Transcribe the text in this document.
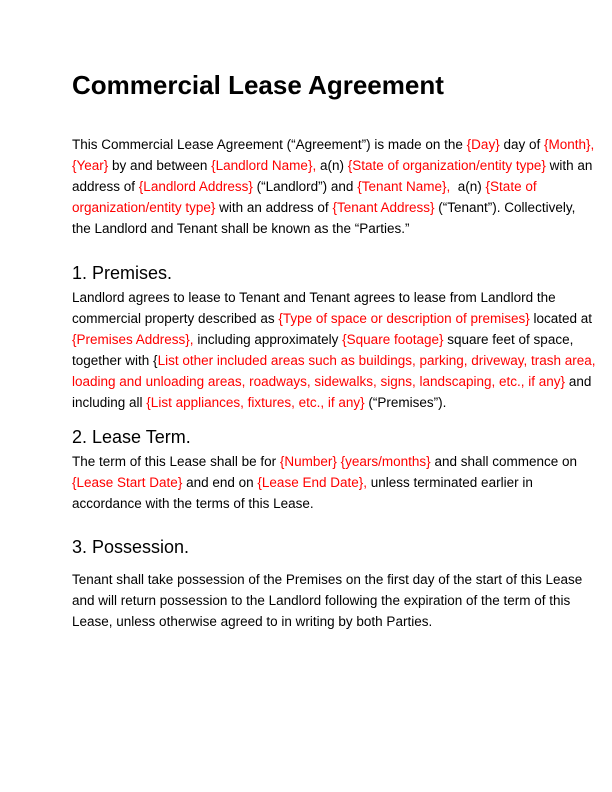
Commercial Lease Agreement
This Commercial Lease Agreement (“Agreement”) is made on the {Day} day of {Month},
{Year} by and between {Landlord Name}, a(n) {State of organization/entity type} with an
address of {Landlord Address} (“Landlord”) and {Tenant Name},  a(n) {State of
organization/entity type} with an address of {Tenant Address} (“Tenant”). Collectively,
the Landlord and Tenant shall be known as the “Parties.”
1. Premises.
Landlord agrees to lease to Tenant and Tenant agrees to lease from Landlord the
commercial property described as {Type of space or description of premises} located at
{Premises Address}, including approximately {Square footage} square feet of space,
together with {List other included areas such as buildings, parking, driveway, trash area,
loading and unloading areas, roadways, sidewalks, signs, landscaping, etc., if any} and
including all {List appliances, fixtures, etc., if any} (“Premises”).
2. Lease Term.
The term of this Lease shall be for {Number} {years/months} and shall commence on
{Lease Start Date} and end on {Lease End Date}, unless terminated earlier in
accordance with the terms of this Lease.
3. Possession.
Tenant shall take possession of the Premises on the first day of the start of this Lease
and will return possession to the Landlord following the expiration of the term of this
Lease, unless otherwise agreed to in writing by both Parties.
